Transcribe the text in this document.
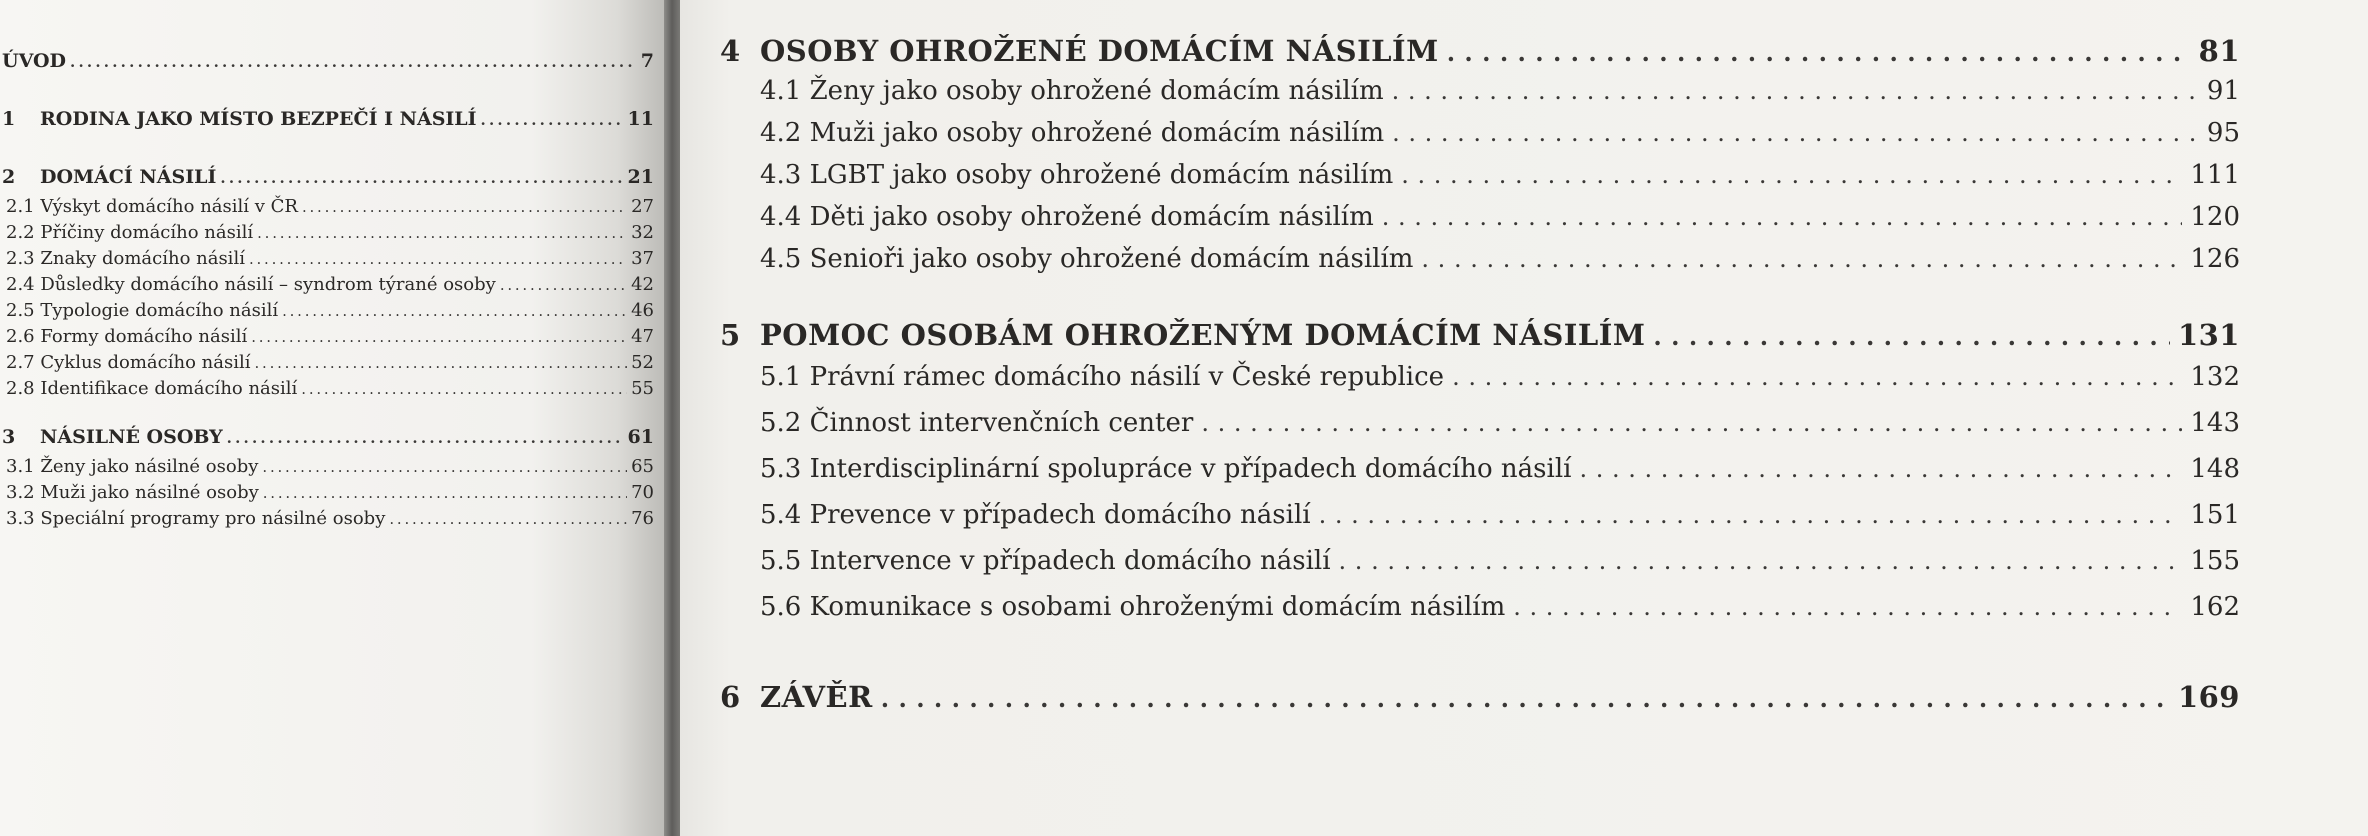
ÚVOD . . .	7
1	RODINA JAKO MÍSTO BEZPEČÍ I NÁSILÍ . . .	11
2	DOMÁCÍ NÁSILÍ . . .	21
2.1 Výskyt domácího násilí v ČR . . .	27
2.2 Příčiny domácího násilí . . .	32
2.3 Znaky domácího násilí . . .	37
2.4 Důsledky domácího násilí – syndrom týrané osoby . . .	42
2.5 Typologie domácího násilí . . .	46
2.6 Formy domácího násilí . . .	47
2.7 Cyklus domácího násilí . . .	52
2.8 Identifikace domácího násilí . . .	55
3	NÁSILNÉ OSOBY . . .	61
3.1 Ženy jako násilné osoby . . .	65
3.2 Muži jako násilné osoby . . .	70
3.3 Speciální programy pro násilné osoby . . .	76
4 OSOBY OHROŽENÉ DOMÁCÍM NÁSILÍM . . .	81
4.1 Ženy jako osoby ohrožené domácím násilím . . .	91
4.2 Muži jako osoby ohrožené domácím násilím . . .	95
4.3 LGBT jako osoby ohrožené domácím násilím . . .	111
4.4 Děti jako osoby ohrožené domácím násilím . . .	120
4.5 Senioři jako osoby ohrožené domácím násilím . . .	126
5 POMOC OSOBÁM OHROŽENÝM DOMÁCÍM NÁSILÍM . . .	131
5.1 Právní rámec domácího násilí v České republice . . .	132
5.2 Činnost intervenčních center . . .	143
5.3 Interdisciplinární spolupráce v případech domácího násilí . . .	148
5.4 Prevence v případech domácího násilí . . .	151
5.5 Intervence v případech domácího násilí . . .	155
5.6 Komunikace s osobami ohroženými domácím násilím . . .	162
6 ZÁVĚR . . .	169
